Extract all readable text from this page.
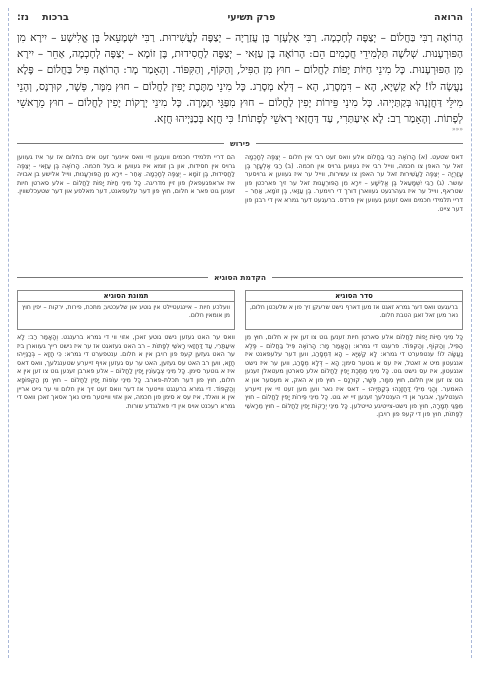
הרואה
פרק תשיעי
ברכות    נז:
הָרוֹאֶה רַבִּי בַּחֲלוֹם – יְצַפֶּה לְחָכְמָה. רַבִּי אֶלְעָזָר בֶּן עֲזַרְיָה – יְצַפֶּה לַעֲשִׁירוּת. רַבִּי יִשְׁמָעֵאל בֶּן אֱלִישָׁע – יִירָא מִן הַפּוּרְעָנוּת. שְׁלֹשָׁה תַּלְמִידֵי חֲכָמִים הֵם: הָרוֹאֶה בֶּן עַזַּאי – יְצַפֶּה לַחֲסִידוּת, בֶּן זוֹמָא – יְצַפֶּה לְחָכְמָה, אַחֵר – יִירָא מִן הַפּוּרְעָנוּת. כָּל מִינֵי חַיּוֹת יָפוֹת לַחֲלוֹם – חוּץ מִן הַפִּיל, וְהַקּוֹף, וְהַקִּפּוֹד. וְהָאָמַר מָר: הָרוֹאֶה פִּיל בַּחֲלוֹם – פֶּלֶא נַעֲשָׂה לוֹ! לָא קַשְׁיָא, הָא – דִּמְסָרַג, הָא – דְּלָא מְסָרַג. כָּל מִינֵי מַתֶּכֶת יָפִין לַחֲלוֹם – חוּץ מִמָּר, פְּשָׁר, קוּרְנָס, וְהָנֵי מִילֵּי דַּחֲזָנְהוּ בְּקַתַּיְיהוּ. כָּל מִינֵי פֵּירוֹת יָפִין לַחֲלוֹם – חוּץ מִפַּגֵּי תְמָרָה. כָּל מִינֵי יְרָקוֹת יָפִין לַחֲלוֹם – חוּץ מֵרָאשֵׁי לְפָתוֹת. וְהָאָמַר רַב: לָא אִיעַתַּרִי, עַד דַּחֲזַאי רָאשֵׁי לְפָתוֹת! כִּי חֲזָא בְּכַנַּיְיהוּ חֲזָא.
«««
פירוש
דאס שטעט. (א) הָרוֹאֶה רַבִּי בַּחֲלוֹם אלע וואס זעט רבי אין חלום – יְצַפֶּה לְחָכְמָה זאל ער האפן צו חכמה, ווייל רבי איז געווען גרויס אין חכמה. (ב) רַבִּי אֶלְעָזָר בֶּן עֲזַרְיָה – יְצַפֶּה לַעֲשִׁירוּת זאל ער האפן צו עשירות, ווייל ער איז געווען א גרויסער עושר. (ג) רַבִּי יִשְׁמָעֵאל בֶּן אֱלִישָׁע – יִירָא מִן הַפּוּרְעָנוּת זאל ער זיך פארכטן פון שטראף, ווייל ער איז געהרגעט געווארן דורך די רוימער. בֶּן עַזַּאי, בֶּן זוֹמָא, אַחֵר – דריי תלמידי חכמים וואס זענען געווען אין פרדס. ברעגעט דער גמרא אין די רבנן פון דער צייט.
הם דריי תלמידי חכמים וועגען זיי וואס איינער זעט אים בחלום אז ער איז געווען גרויס אין חסידות, און בן זומא איז געווען א בעל חכמה. הָרוֹאֶה בֶּן עַזַּאי – יְצַפֶּה לַחֲסִידוּת, בֶּן זוֹמָא – יְצַפֶּה לְחָכְמָה. אַחֵר – יִירָא מִן הַפּוּרְעָנוּת, ווייל אלישע בן אבויה איז אראפגעפאלן פון זיין מדריגה. כָּל מִינֵי חַיּוֹת יָפוֹת לַחֲלוֹם – אלע סארטן חיות זענען גוט פאר א חלום, חוץ פון דער עלעפאנט, דער מאלפע און דער שטעכלשווין.
הקדמת הסוגיא
סדר הסוגיא
ברעגעט וואס דער גמרא זאגט אז מען דארף נישט שרעקן זיך פון א שלעכטן חלום, נאר מען זאל זאגן הטבת חלום.
תמונת הסוגיא
וועלכע חיות – איינגעטיילט אין גוטע און שלעכטע; מתכת, פירות, ירקות – יפין חוץ מן אומאין חלום.
כָּל מִינֵי חַיּוֹת יָפוֹת לַחֲלוֹם אלע סארטן חיות זענען גוט צו זען אין א חלום, חוּץ מִן הַפִּיל, וְהַקּוֹף, וְהַקִּפּוֹד. פרעגט די גמרא: וְהָאָמַר מָר: הָרוֹאֶה פִּיל בַּחֲלוֹם – פֶּלֶא נַעֲשָׂה לוֹ! ענטפערט די גמרא: לָא קַשְׁיָא – הָא דִּמְסָרַג, ווען דער עלעפאנט איז אנגעטון מיט א זאטל, איז עס א גוטער סימן; הָא – דְּלָא מְסָרַג, ווען ער איז נישט אנגעטון, איז עס נישט גוט. כָּל מִינֵי מַתֶּכֶת יָפִין לַחֲלוֹם אלע סארטן מעטאלן זענען גוט צו זען אין חלום, חוּץ מִמָּר, פְּשָׁר, קוּרְנָס – חוץ פון א האק, א מעסער און א האמער. וְהָנֵי מִילֵּי דַּחֲזָנְהוּ בְּקַתַּיְיהוּ – דאס איז נאר ווען מען זעט זיי אין זייערע הענטלעך, אבער אן די הענטלעך זענען זיי יא גוט. כָּל מִינֵי פֵּירוֹת יָפִין לַחֲלוֹם – חוּץ מִפַּגֵּי תְמָרָה, חוץ פון נישט-צייטיגע טייטלען. כָּל מִינֵי יְרָקוֹת יָפִין לַחֲלוֹם – חוּץ מֵרָאשֵׁי לְפָתוֹת, חוץ פון די קעפ פון רויבן.
וואס ער האט געזען נישט גוטע זאכן, אזוי ווי די גמרא ברענגט. וְהָאָמַר רַב: לָא אִיעַתַּרִי, עַד דַּחֲזַאי רָאשֵׁי לְפָתוֹת – רב האט געזאגט אז ער איז נישט רייך געווארן ביז ער האט געזען קעפ פון רויבן אין א חלום. ענטפערט די גמרא: כִּי חֲזָא – בְּכַנַּיְיהוּ חֲזָא, ווען רב האט עס געזען, האט ער עס געזען אויף זייערע שטענגלעך, וואס דאס איז א גוטער סימן. כָּל מִינֵי צְבָעוֹנִין יָפִין לַחֲלוֹם – אלע פארבן זענען גוט צו זען אין א חלום, חוץ פון דער תכלת-פארב. כָּל מִינֵי עוֹפוֹת יָפִין לַחֲלוֹם – חוּץ מִן הַקַּפּוֹפָא וְהַקַּפּוֹד. די גמרא ברענגט ווייטער אז דער וואס זעט זיך אין חלום ווי ער גייט אריין אין א וואלד, איז עס א סימן פון חכמה, און אזוי ווייטער מיט נאך אסאך זאכן וואס די גמרא רעכנט אויס אין די פאלגנדע שורות.
